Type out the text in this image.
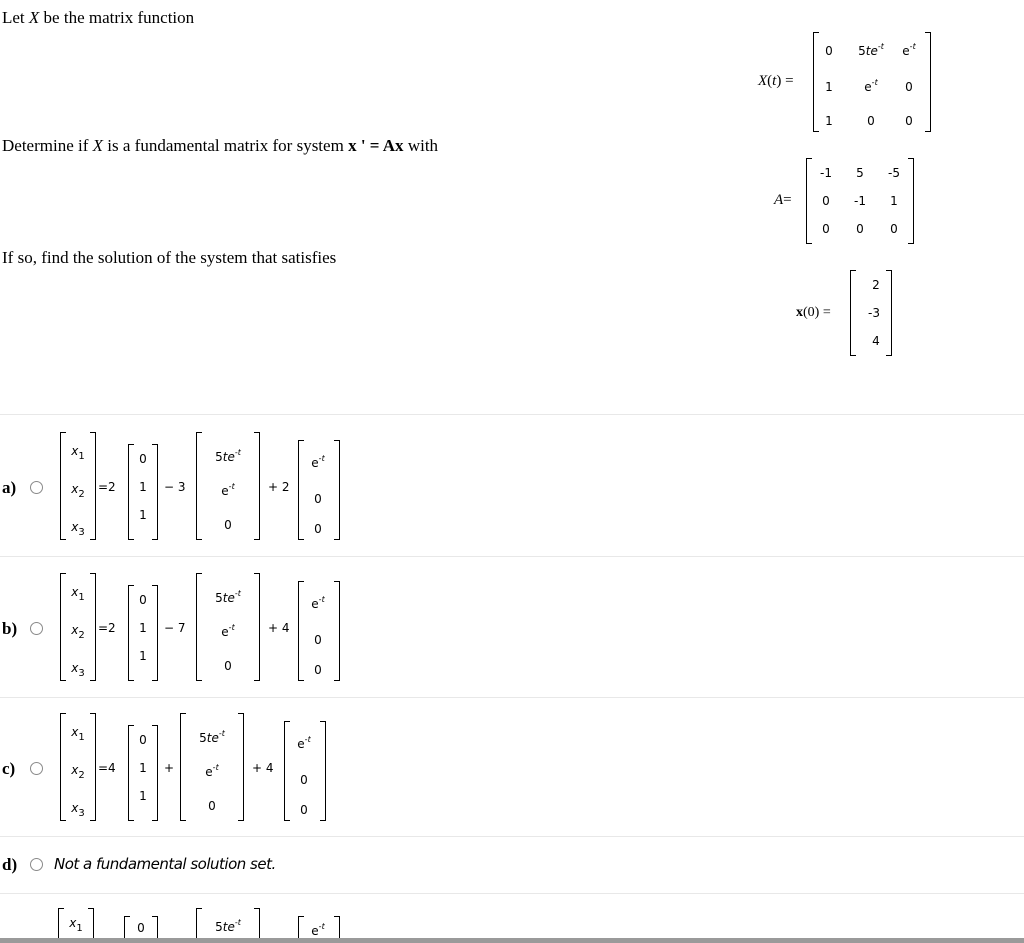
Let X be the matrix function
Determine if X is a fundamental matrix for system x ' = Ax with
If so, find the solution of the system that satisfies
X(t) =
0	$5te^{-t}$	$e^{-t}$
1	$e^{-t}$	0
1	0	0
A=
-1	5	-5
0	-1	1
0	0	0
x(0) =
2
-3
4
a)
$x_1$
$x_2$
$x_3$
=2
0
1
1
− 3
$5te^{-t}$
$e^{-t}$
0
+ 2
$e^{-t}$
0
0
b)
$x_1$
$x_2$
$x_3$
=2
0
1
1
− 7
$5te^{-t}$
$e^{-t}$
0
+ 4
$e^{-t}$
0
0
c)
$x_1$
$x_2$
$x_3$
=4
0
1
1
+
$5te^{-t}$
$e^{-t}$
0
+ 4
$e^{-t}$
0
0
d) Not a fundamental solution set.
$x_1$	0	$5te^{-t}$
$e^{-t}$
